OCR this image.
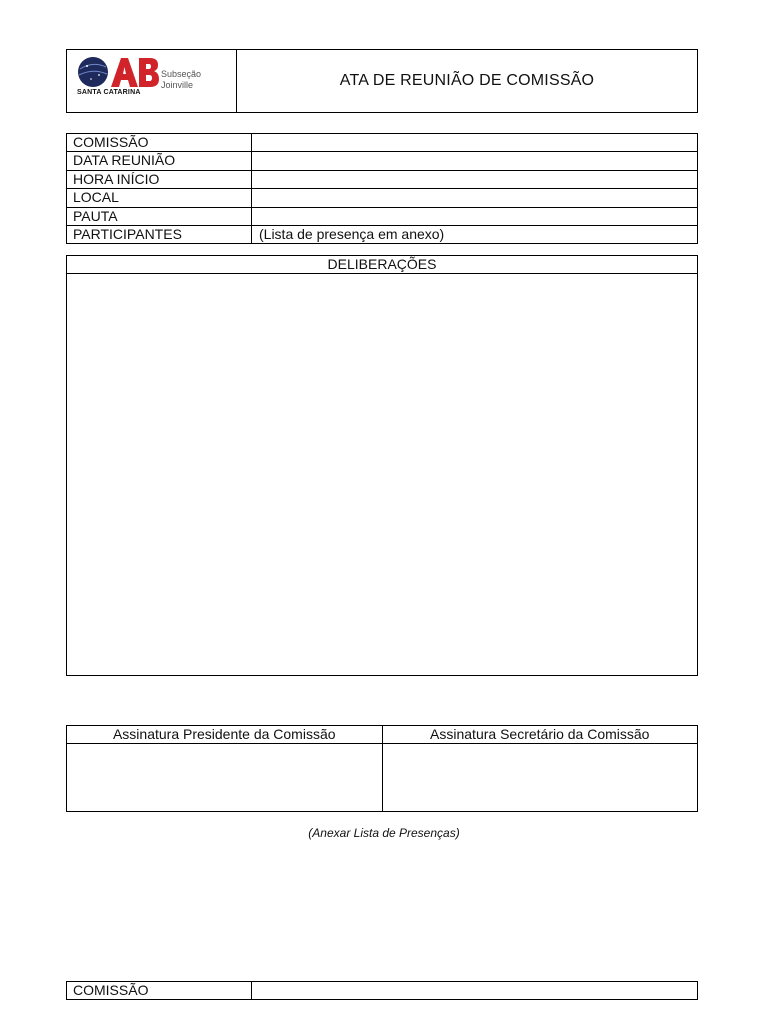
SANTA CATARINA
Subseção
Joinville	ATA DE REUNIÃO DE COMISSÃO
COMISSÃO
DATA REUNIÃO
HORA INÍCIO
LOCAL
PAUTA
PARTICIPANTES	(Lista de presença em anexo)
DELIBERAÇÕES
Assinatura Presidente da Comissão	Assinatura Secretário da Comissão
(Anexar Lista de Presenças)
COMISSÃO
